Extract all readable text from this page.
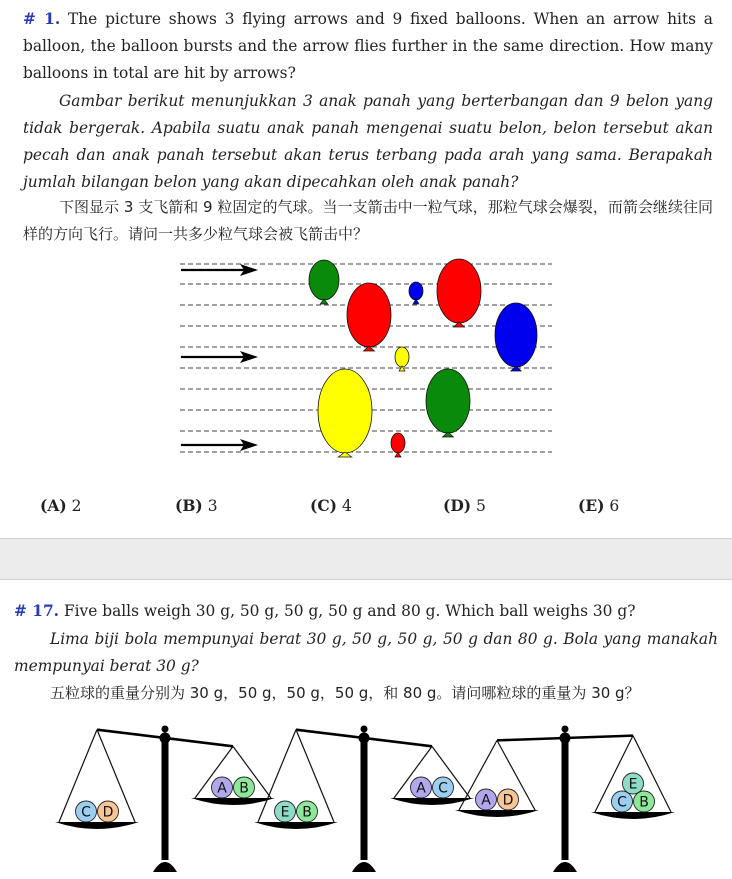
# 1. The picture shows 3 flying arrows and 9 fixed balloons. When an arrow hits a balloon, the balloon bursts and the arrow flies further in the same direction. How many balloons in total are hit by arrows?

Gambar berikut menunjukkan 3 anak panah yang berterbangan dan 9 belon yang tidak bergerak. Apabila suatu anak panah mengenai suatu belon, belon tersebut akan pecah dan anak panah tersebut akan terus terbang pada arah yang sama. Berapakah jumlah bilangan belon yang akan dipecahkan oleh anak panah?

下图显示 3 支飞箭和 9 粒固定的气球。当一支箭击中一粒气球，那粒气球会爆裂，而箭会继续往同样的方向飞行。请问一共多少粒气球会被飞箭击中？

(A) 2	(B) 3	(C) 4	(D) 5	(E) 6

# 17. Five balls weigh 30 g, 50 g, 50 g, 50 g and 80 g. Which ball weighs 30 g?

Lima biji bola mempunyai berat 30 g, 50 g, 50 g, 50 g dan 80 g. Bola yang manakah mempunyai berat 30 g?

五粒球的重量分别为 30 g，50 g，50 g，50 g，和 80 g。请问哪粒球的重量为 30 g？

C D
A B
E B
A C
A D	C B
E
